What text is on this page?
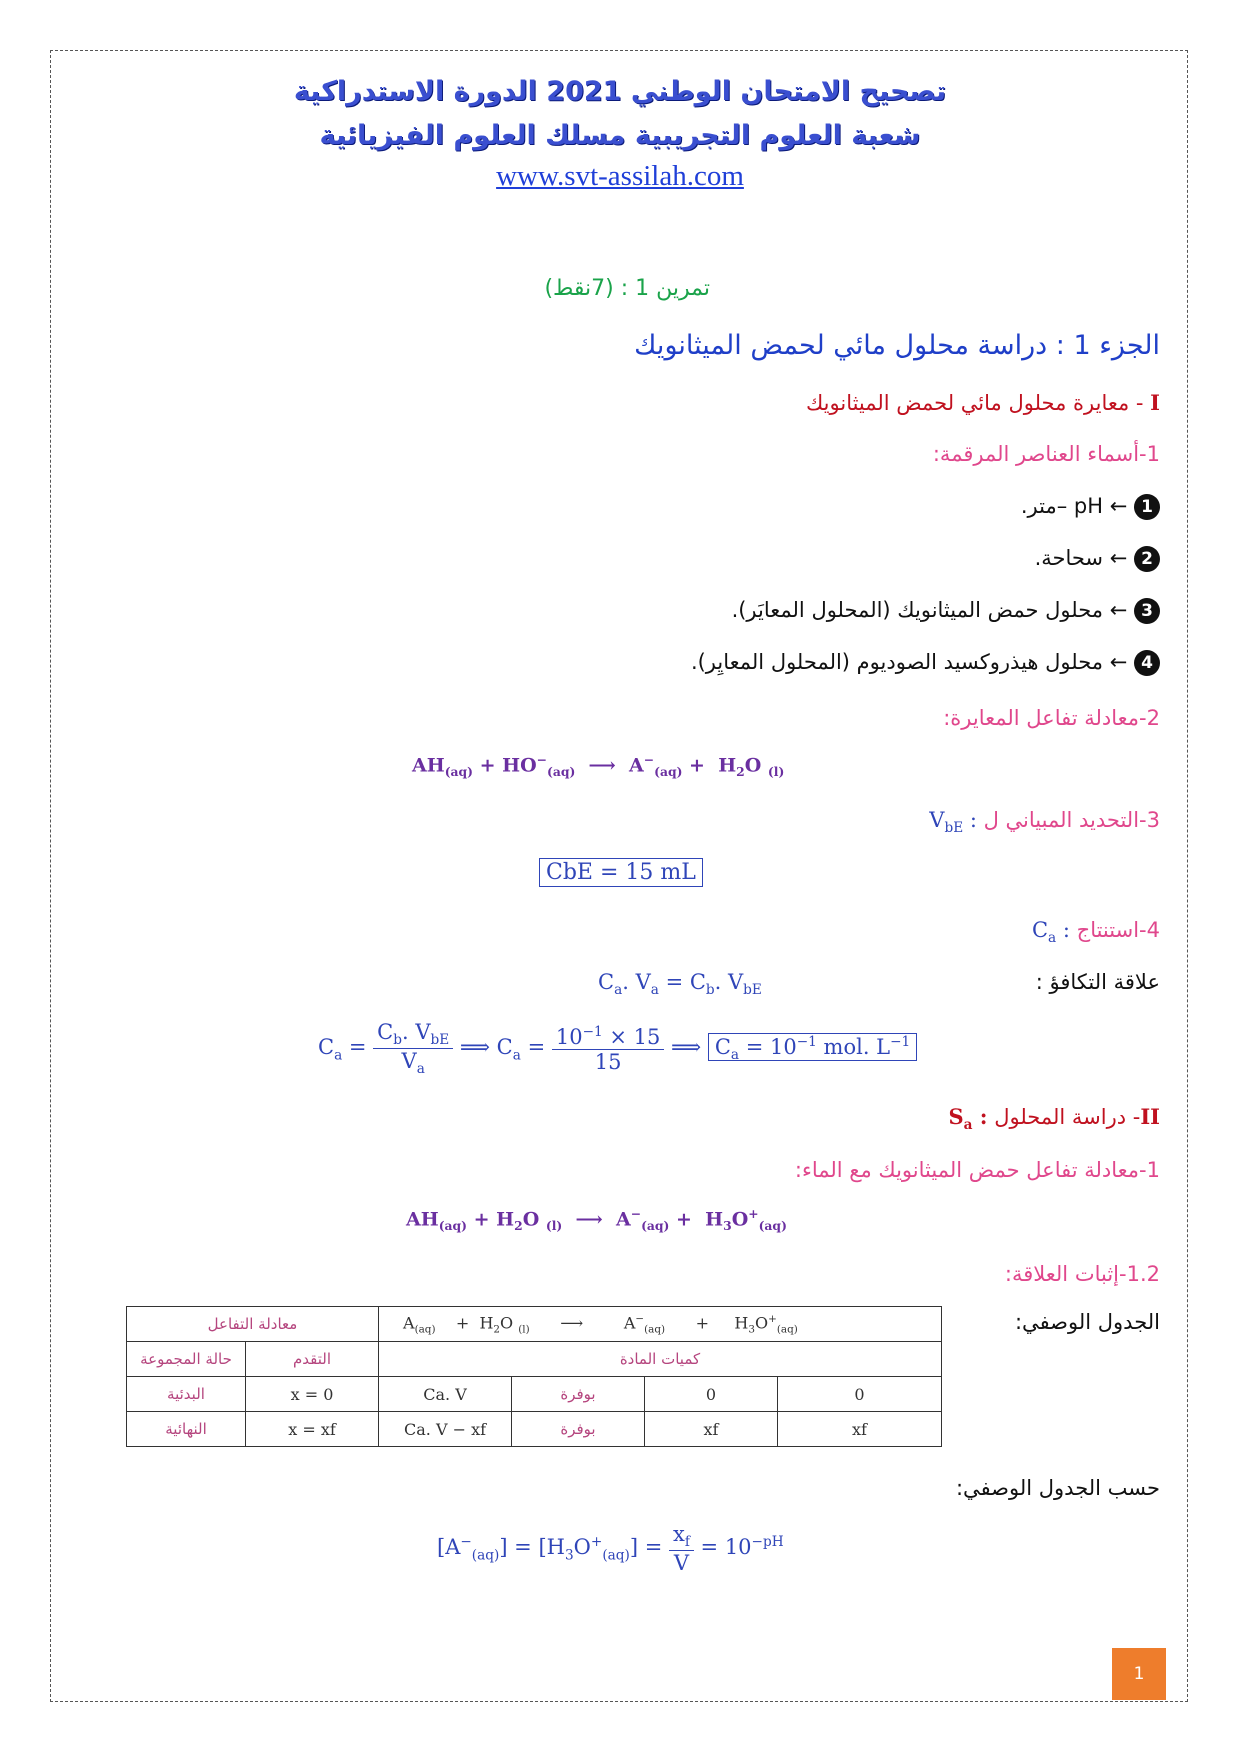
تصحيح الامتحان الوطني 2021 الدورة الاستدراكية
شعبة العلوم التجريبية مسلك العلوم الفيزيائية
www.svt-assilah.com
تمرين 1 : (7نقط)
الجزء 1 : دراسة محلول مائي لحمض الميثانويك
I - معايرة محلول مائي لحمض الميثانويك
1-أسماء العناصر المرقمة:
1 ← pH –متر.
2 ← سحاحة.
3 ← محلول حمض الميثانويك (المحلول المعايَر).
4 ← محلول هيذروكسيد الصوديوم (المحلول المعايِر).
2-معادلة تفاعل المعايرة:
$AH_{(aq)} + HO^-_{(aq)}$  ⟶  $A^-_{(aq)} + H_2O$ $_{(l)}$
3-التحديد المبياني ل $V_{bE}$ :
CbE = 15 mL
4-استنتاج $C_a$ :
علاقة التكافؤ :
$C_a$. $V_a = C_b$. $V_{bE}$
$C_a = \frac{C_b. V_{bE}}{V_a}$ ⟹ $C_a = \frac{10^{-1} \times 15}{15}$ ⟹ $C_a = 10^{-1}$ mol. $L^{-1}$
II- دراسة المحلول $S_a$ :
1-معادلة تفاعل حمض الميثانويك مع الماء:
$AH_{(aq)} + H_2O$ $_{(l)}$  ⟶  $A^-_{(aq)} + H_3O^+_{(aq)}$
1.2-إثبات العلاقة:
الجدول الوصفي:
معادلة التفاعل		$A_{(aq)}$    +  $H_2O$ $_{(l)}$      ⟶        $A^-_{(aq)}$      +     $H_3O^+_{(aq)}$
حالة المجموعة	التقدم	كميات المادة			
البدئية	x = 0	Ca. V	بوفرة	0	0
النهائية	x = xf	Ca. V − xf	بوفرة	xf	xf
حسب الجدول الوصفي:
$[A^-_{(aq)}] = [H_3O^+_{(aq)}] = \frac{x_f}{V} = 10^{-pH}$
1
